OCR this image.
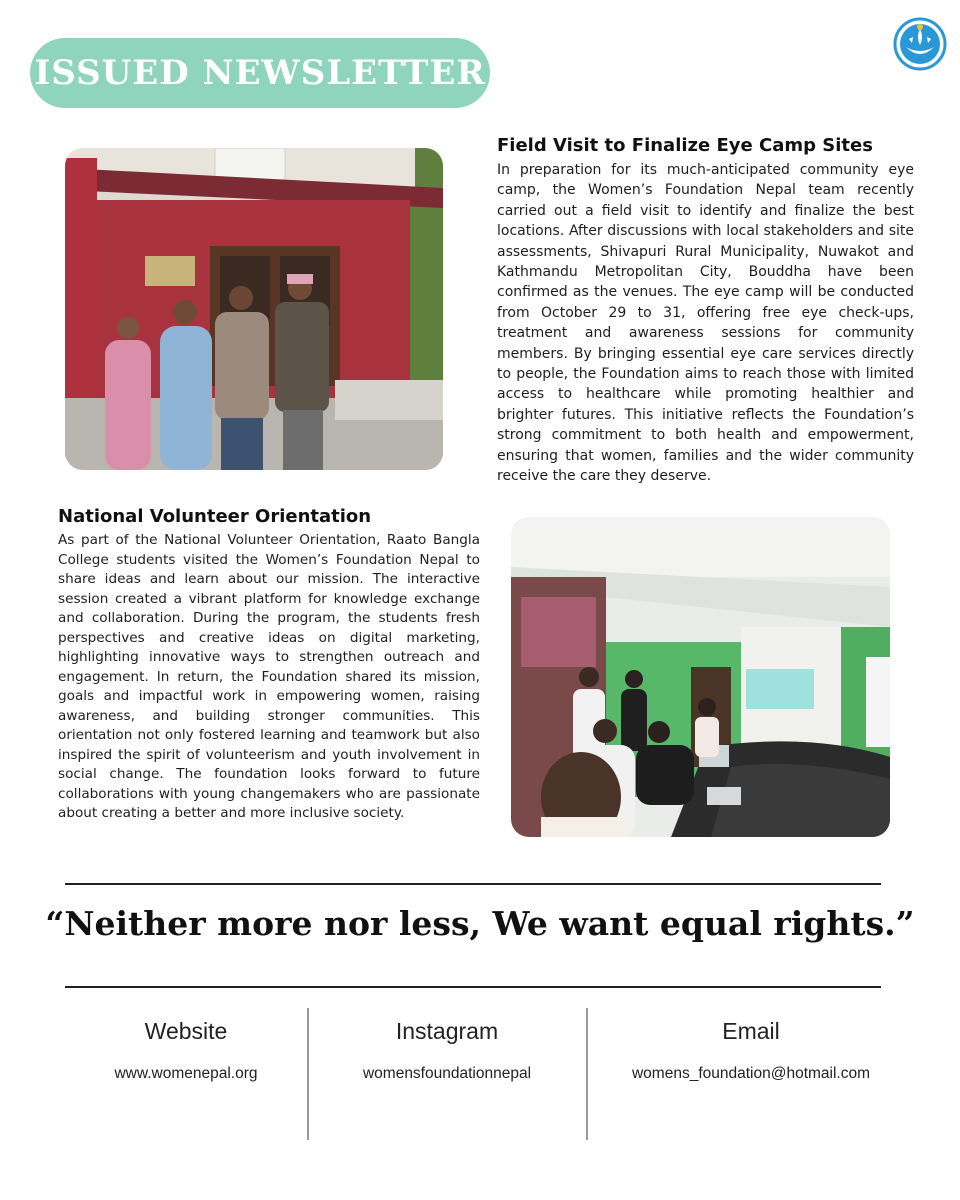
ISSUED NEWSLETTER
Field Visit to Finalize Eye Camp Sites

In preparation for its much-anticipated community eye camp, the Women’s Foundation Nepal team recently carried out a field visit to identify and finalize the best locations. After discussions with local stakeholders and site assessments, Shivapuri Rural Municipality, Nuwakot and Kathmandu Metropolitan City, Bouddha have been confirmed as the venues. The eye camp will be conducted from October 29 to 31, offering free eye check-ups, treatment and awareness sessions for community members. By bringing essential eye care services directly to people, the Foundation aims to reach those with limited access to healthcare while promoting healthier and brighter futures. This initiative reflects the Foundation’s strong commitment to both health and empowerment, ensuring that women, families and the wider community receive the care they deserve.

National Volunteer Orientation

As part of the National Volunteer Orientation, Raato Bangla College students visited the Women’s Foundation Nepal to share ideas and learn about our mission. The interactive session created a vibrant platform for knowledge exchange and collaboration. During the program, the students fresh perspectives and creative ideas on digital marketing, highlighting innovative ways to strengthen outreach and engagement. In return, the Foundation shared its mission, goals and impactful work in empowering women, raising awareness, and building stronger communities. This orientation not only fostered learning and teamwork but also inspired the spirit of volunteerism and youth involvement in social change. The foundation looks forward to future collaborations with young changemakers who are passionate about creating a better and more inclusive society.

“Neither more nor less, We want equal rights.”
Website
www.womenepal.org
Instagram
womensfoundationnepal
Email
womens_foundation@hotmail.com
